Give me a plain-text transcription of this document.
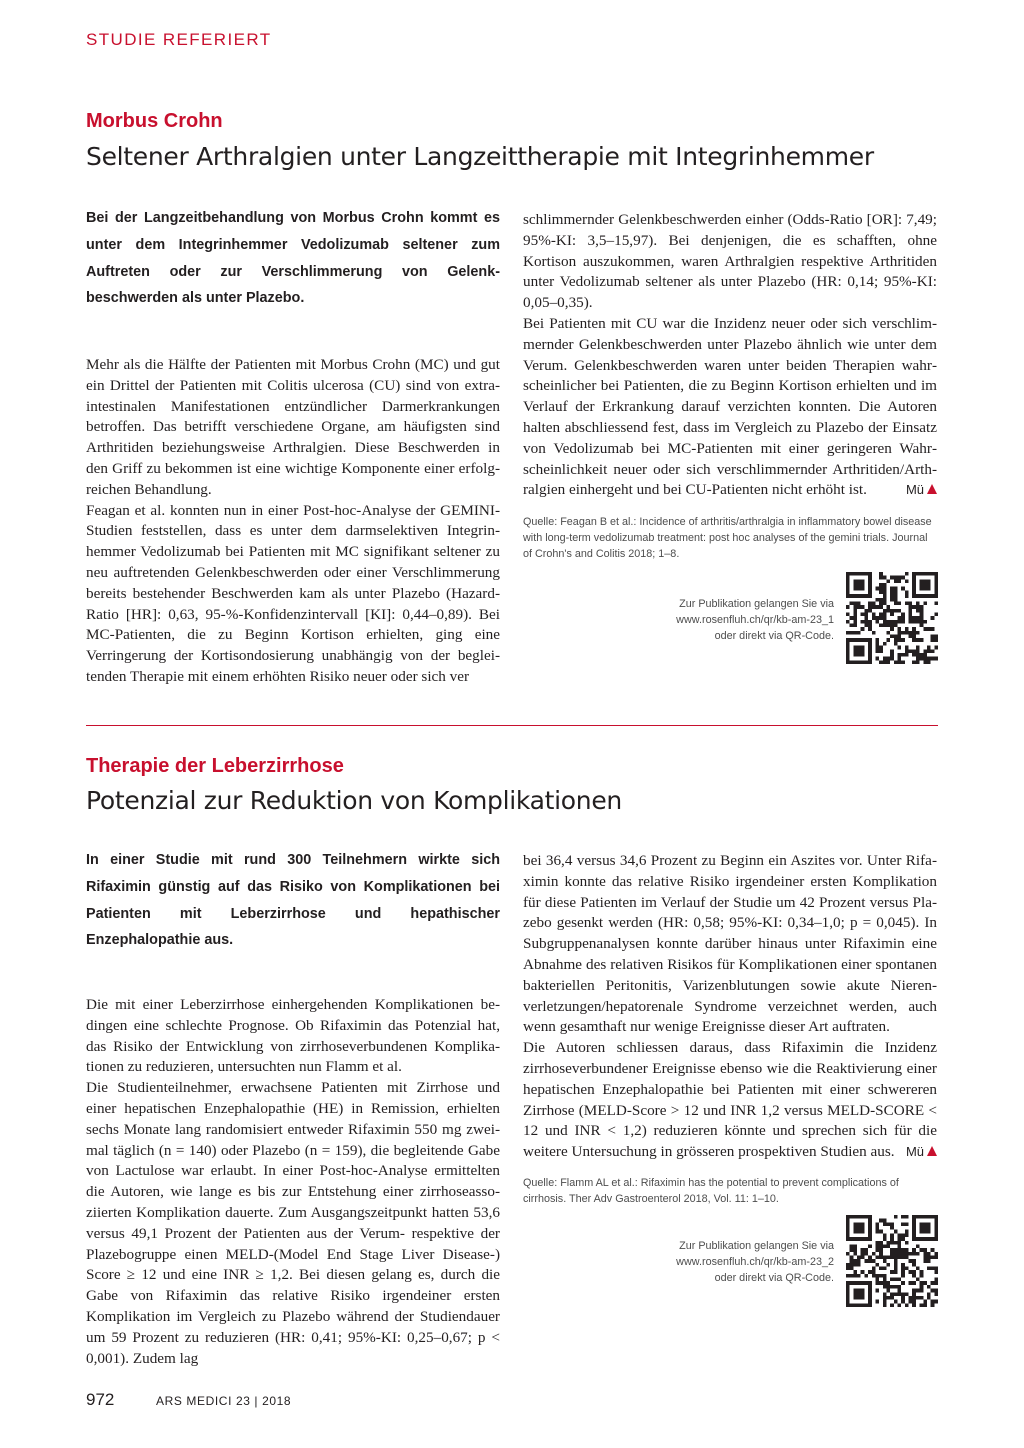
STUDIE REFERIERT
Morbus Crohn
Seltener Arthralgien unter Langzeittherapie mit Integrinhemmer

Bei der Langzeitbehandlung von Morbus Crohn kommt es unter dem Integrinhemmer Vedolizumab seltener zum Auftreten oder zur Verschlimmerung von Gelenkbeschwerden als unter Plazebo.

Mehr als die Hälfte der Patienten mit Morbus Crohn (MC) und gut ein Drittel der Patienten mit Colitis ulcerosa (CU) sind von extraintestinalen Manifestationen entzündlicher Darmerkrankungen betroffen. Das betrifft verschiedene Organe, am häufigsten sind Arthritiden beziehungsweise Arthralgien. Diese Beschwerden in den Griff zu bekommen ist eine wichtige Komponente einer erfolgreichen Behandlung.

Feagan et al. konnten nun in einer Post-hoc-Analyse der GEMINI-Studien feststellen, dass es unter dem darmselektiven Integrinhemmer Vedolizumab bei Patienten mit MC signifikant seltener zu neu auftretenden Gelenkbeschwerden oder einer Verschlimmerung bereits bestehender Beschwerden kam als unter Plazebo (Hazard-Ratio [HR]: 0,63, 95-%-Konfidenzintervall [KI]: 0,44–0,89). Bei MC-Patienten, die zu Beginn Kortison erhielten, ging eine Verringerung der Kortisondosierung unabhängig von der begleitenden Therapie mit einem erhöhten Risiko neuer oder sich ver

schlimmernder Gelenkbeschwerden einher (Odds-Ratio [OR]: 7,49; 95%-KI: 3,5–15,97). Bei denjenigen, die es schafften, ohne Kortison auszukommen, waren Arthralgien respektive Arthritiden unter Vedolizumab seltener als unter Plazebo (HR: 0,14; 95%-KI: 0,05–0,35).

Bei Patienten mit CU war die Inzidenz neuer oder sich verschlimmernder Gelenkbeschwerden unter Plazebo ähnlich wie unter dem Verum. Gelenkbeschwerden waren unter beiden Therapien wahrscheinlicher bei Patienten, die zu Beginn Kortison erhielten und im Verlauf der Erkrankung darauf verzichten konnten. Die Autoren halten abschliessend fest, dass im Vergleich zu Plazebo der Einsatz von Vedolizumab bei MC-Patienten mit einer geringeren Wahrscheinlichkeit neuer oder sich verschlimmernder Arthritiden/Arthralgien einhergeht und bei CU-Patienten nicht erhöht ist.	Mü

Quelle: Feagan B et al.: Incidence of arthritis/arthralgia in inflammatory bowel disease with long-term vedolizumab treatment: post hoc analyses of the gemini trials. Journal of Crohn's and Colitis 2018; 1–8.

Zur Publikation gelangen Sie via
www.rosenfluh.ch/qr/kb-am-23_1
oder direkt via QR-Code.
Therapie der Leberzirrhose
Potenzial zur Reduktion von Komplikationen

In einer Studie mit rund 300 Teilnehmern wirkte sich Rifaximin günstig auf das Risiko von Komplikationen bei Patienten mit Leberzirrhose und hepathischer Enzephalopathie aus.

Die mit einer Leberzirrhose einhergehenden Komplikationen bedingen eine schlechte Prognose. Ob Rifaximin das Potenzial hat, das Risiko der Entwicklung von zirrhoseverbundenen Komplikationen zu reduzieren, untersuchten nun Flamm et al.

Die Studienteilnehmer, erwachsene Patienten mit Zirrhose und einer hepatischen Enzephalopathie (HE) in Remission, erhielten sechs Monate lang randomisiert entweder Rifaximin 550 mg zweimal täglich (n = 140) oder Plazebo (n = 159), die begleitende Gabe von Lactulose war erlaubt. In einer Post-hoc-Analyse ermittelten die Autoren, wie lange es bis zur Entstehung einer zirrhoseassoziierten Komplikation dauerte. Zum Ausgangszeitpunkt hatten 53,6 versus 49,1 Prozent der Patienten aus der Verum- respektive der Plazebogruppe einen MELD-(Model End Stage Liver Disease-) Score ≥ 12 und eine INR ≥ 1,2. Bei diesen gelang es, durch die Gabe von Rifaximin das relative Risiko irgendeiner ersten Komplikation im Vergleich zu Plazebo während der Studiendauer um 59 Prozent zu reduzieren (HR: 0,41; 95%-KI: 0,25–0,67; p < 0,001). Zudem lag

bei 36,4 versus 34,6 Prozent zu Beginn ein Aszites vor. Unter Rifaximin konnte das relative Risiko irgendeiner ersten Komplikation für diese Patienten im Verlauf der Studie um 42 Prozent versus Plazebo gesenkt werden (HR: 0,58; 95%-KI: 0,34–1,0; p = 0,045). In Subgruppenanalysen konnte darüber hinaus unter Rifaximin eine Abnahme des relativen Risikos für Komplikationen einer spontanen bakteriellen Peritonitis, Varizenblutungen sowie akute Nierenverletzungen/hepatorenale Syndrome verzeichnet werden, auch wenn gesamthaft nur wenige Ereignisse dieser Art auftraten.

Die Autoren schliessen daraus, dass Rifaximin die Inzidenz zirrhoseverbundener Ereignisse ebenso wie die Reaktivierung einer hepatischen Enzephalopathie bei Patienten mit einer schwereren Zirrhose (MELD-Score > 12 und INR 1,2 versus MELD-SCORE < 12 und INR < 1,2) reduzieren könnte und sprechen sich für die weitere Untersuchung in grösseren prospektiven Studien aus. Mü

Quelle: Flamm AL et al.: Rifaximin has the potential to prevent complications of cirrhosis. Ther Adv Gastroenterol 2018, Vol. 11: 1–10.

Zur Publikation gelangen Sie via
www.rosenfluh.ch/qr/kb-am-23_2
oder direkt via QR-Code.
972	ARS MEDICI 23 | 2018
